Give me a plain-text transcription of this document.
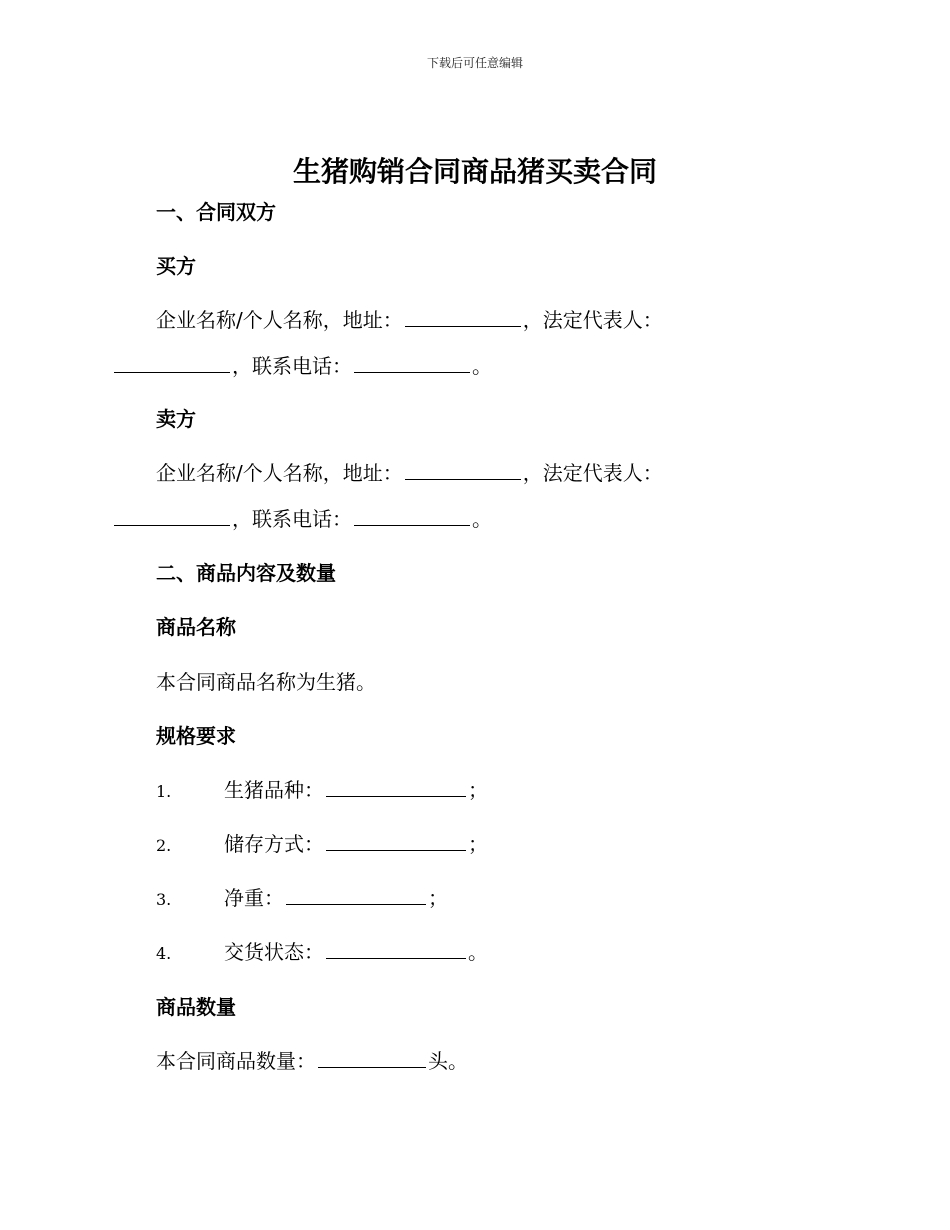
下载后可任意编辑
生猪购销合同商品猪买卖合同
一、合同双方
买方
企业名称/个人名称，地址：	，法定代表人：
，联系电话：	。
卖方
企业名称/个人名称，地址：	，法定代表人：
，联系电话：	。
二、商品内容及数量
商品名称
本合同商品名称为生猪。
规格要求
1.	生猪品种：	；
2.	储存方式：	；
3.	净重：	；
4.	交货状态：	。
商品数量
本合同商品数量：	头。
